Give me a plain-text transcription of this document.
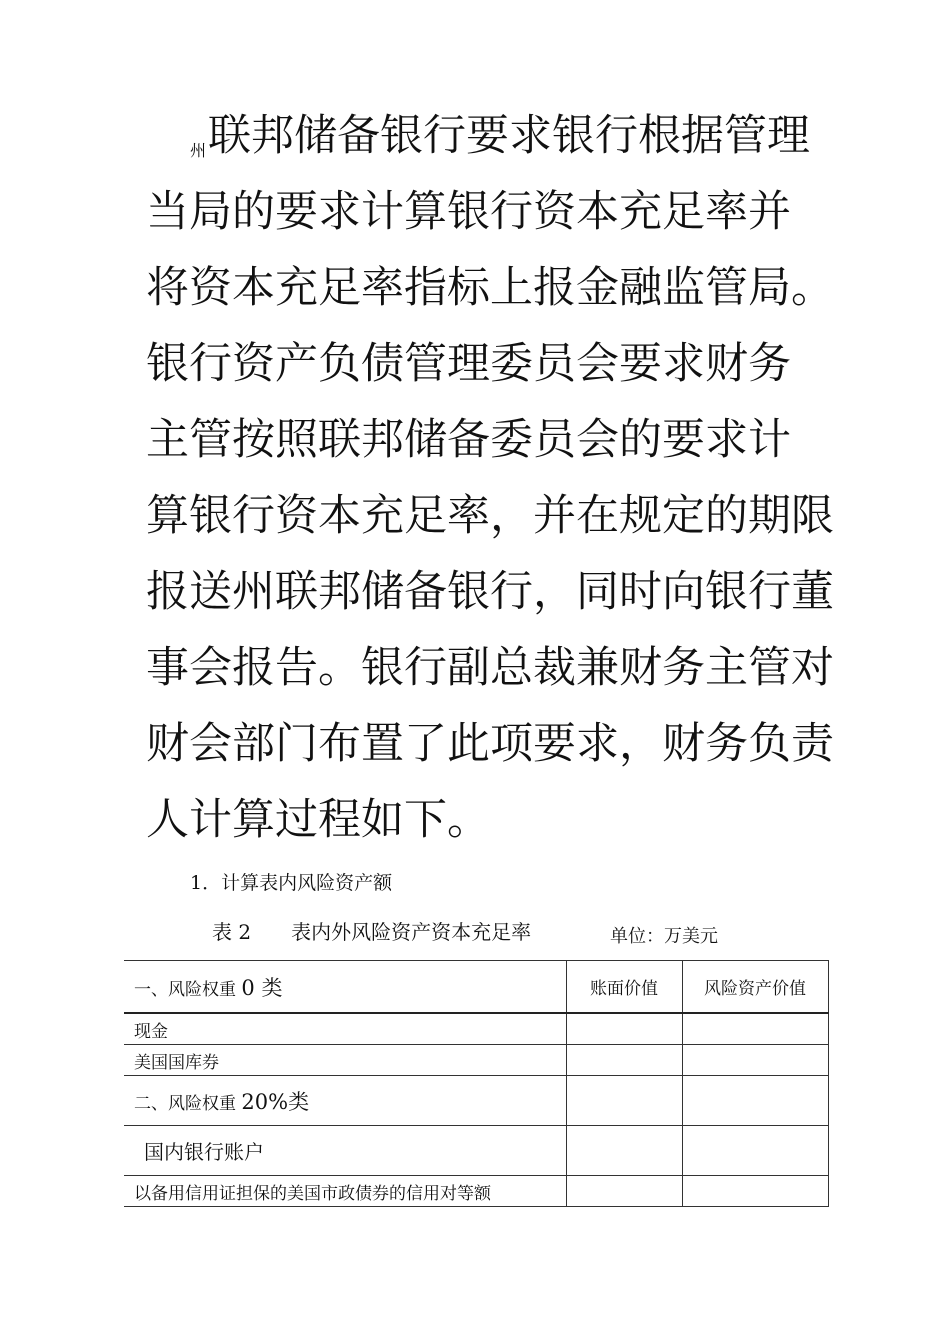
州联邦储备银行要求银行根据管理
当局的要求计算银行资本充足率并
将资本充足率指标上报金融监管局。
银行资产负债管理委员会要求财务
主管按照联邦储备委员会的要求计
算银行资本充足率，并在规定的期限
报送州联邦储备银行，同时向银行董
事会报告。银行副总裁兼财务主管对
财会部门布置了此项要求，财务负责
人计算过程如下。
1．计算表内风险资产额
表 2 表内外风险资产资本充足率	单位：万美元
一、风险权重 0 类	账面价值	风险资产价值
现金		
美国国库券		
二、风险权重 20%类		
国内银行账户		
以备用信用证担保的美国市政债券的信用对等额		
